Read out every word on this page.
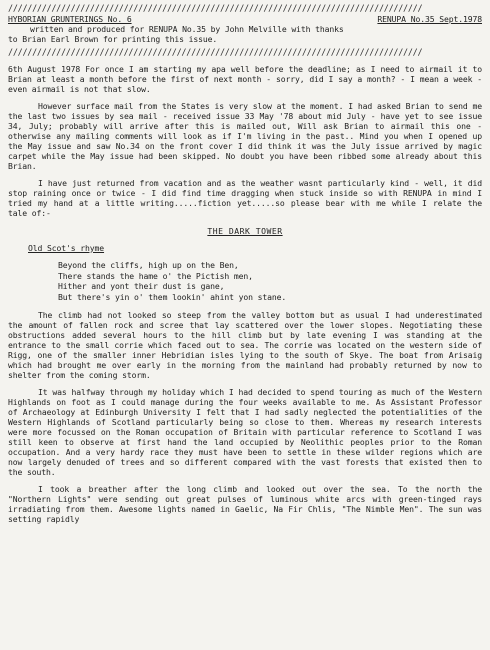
//////////////////////////////////////////////////////////////////////////////////////
HYBORIAN GRUNTERINGS No. 6	RENUPA No.35 Sept.1978
written and produced for RENUPA No.35 by John Melville with thanks
to Brian Earl Brown for printing this issue.
//////////////////////////////////////////////////////////////////////////////////////

6th August 1978 For once I am starting my apa well before the deadline; as I need to airmail it to Brian at least a month before the first of next month - sorry, did I say a month? - I mean a week - even airmail is not that slow.

However surface mail from the States is very slow at the moment. I had asked Brian to send me the last two issues by sea mail - received issue 33 May '78 about mid July - have yet to see issue 34, July; probably will arrive after this is mailed out, Will ask Brian to airmail this one - otherwise any mailing comments will look as if I'm living in the past.. Mind you when I opened up the May issue and saw No.34 on the front cover I did think it was the July issue arrived by magic carpet while the May issue had been skipped. No doubt you have been ribbed some already about this Brian.

I have just returned from vacation and as the weather wasnt particularly kind - well, it did stop raining once or twice - I did find time dragging when stuck inside so with RENUPA in mind I tried my hand at a little writing.....fiction yet.....so please bear with me while I relate the tale of:-

THE DARK TOWER
Old Scot's rhyme
Beyond the cliffs, high up on the Ben,
There stands the hame o' the Pictish men,
Hither and yont their dust is gane,
But there's yin o' them lookin' ahint yon stane.

The climb had not looked so steep from the valley bottom but as usual I had underestimated the amount of fallen rock and scree that lay scattered over the lower slopes. Negotiating these obstructions added several hours to the hill climb but by late evening I was standing at the entrance to the small corrie which faced out to sea. The corrie was located on the western side of Rigg, one of the smaller inner Hebridian isles lying to the south of Skye. The boat from Arisaig which had brought me over early in the morning from the mainland had probably returned by now to shelter from the coming storm.

It was halfway through my holiday which I had decided to spend touring as much of the Western Highlands on foot as I could manage during the four weeks available to me. As Assistant Professor of Archaeology at Edinburgh University I felt that I had sadly neglected the potentialities of the Western Highlands of Scotland particularly being so close to them. Whereas my research interests were more focussed on the Roman occupation of Britain with particular reference to Scotland I was still keen to observe at first hand the land occupied by Neolithic peoples prior to the Roman occupation. And a very hardy race they must have been to settle in these wilder regions which are now largely denuded of trees and so different compared with the vast forests that existed then to the south.

I took a breather after the long climb and looked out over the sea. To the north the "Northern Lights" were sending out great pulses of luminous white arcs with green-tinged rays irradiating from them. Awesome lights named in Gaelic, Na Fir Chlis, "The Nimble Men". The sun was setting rapidly
